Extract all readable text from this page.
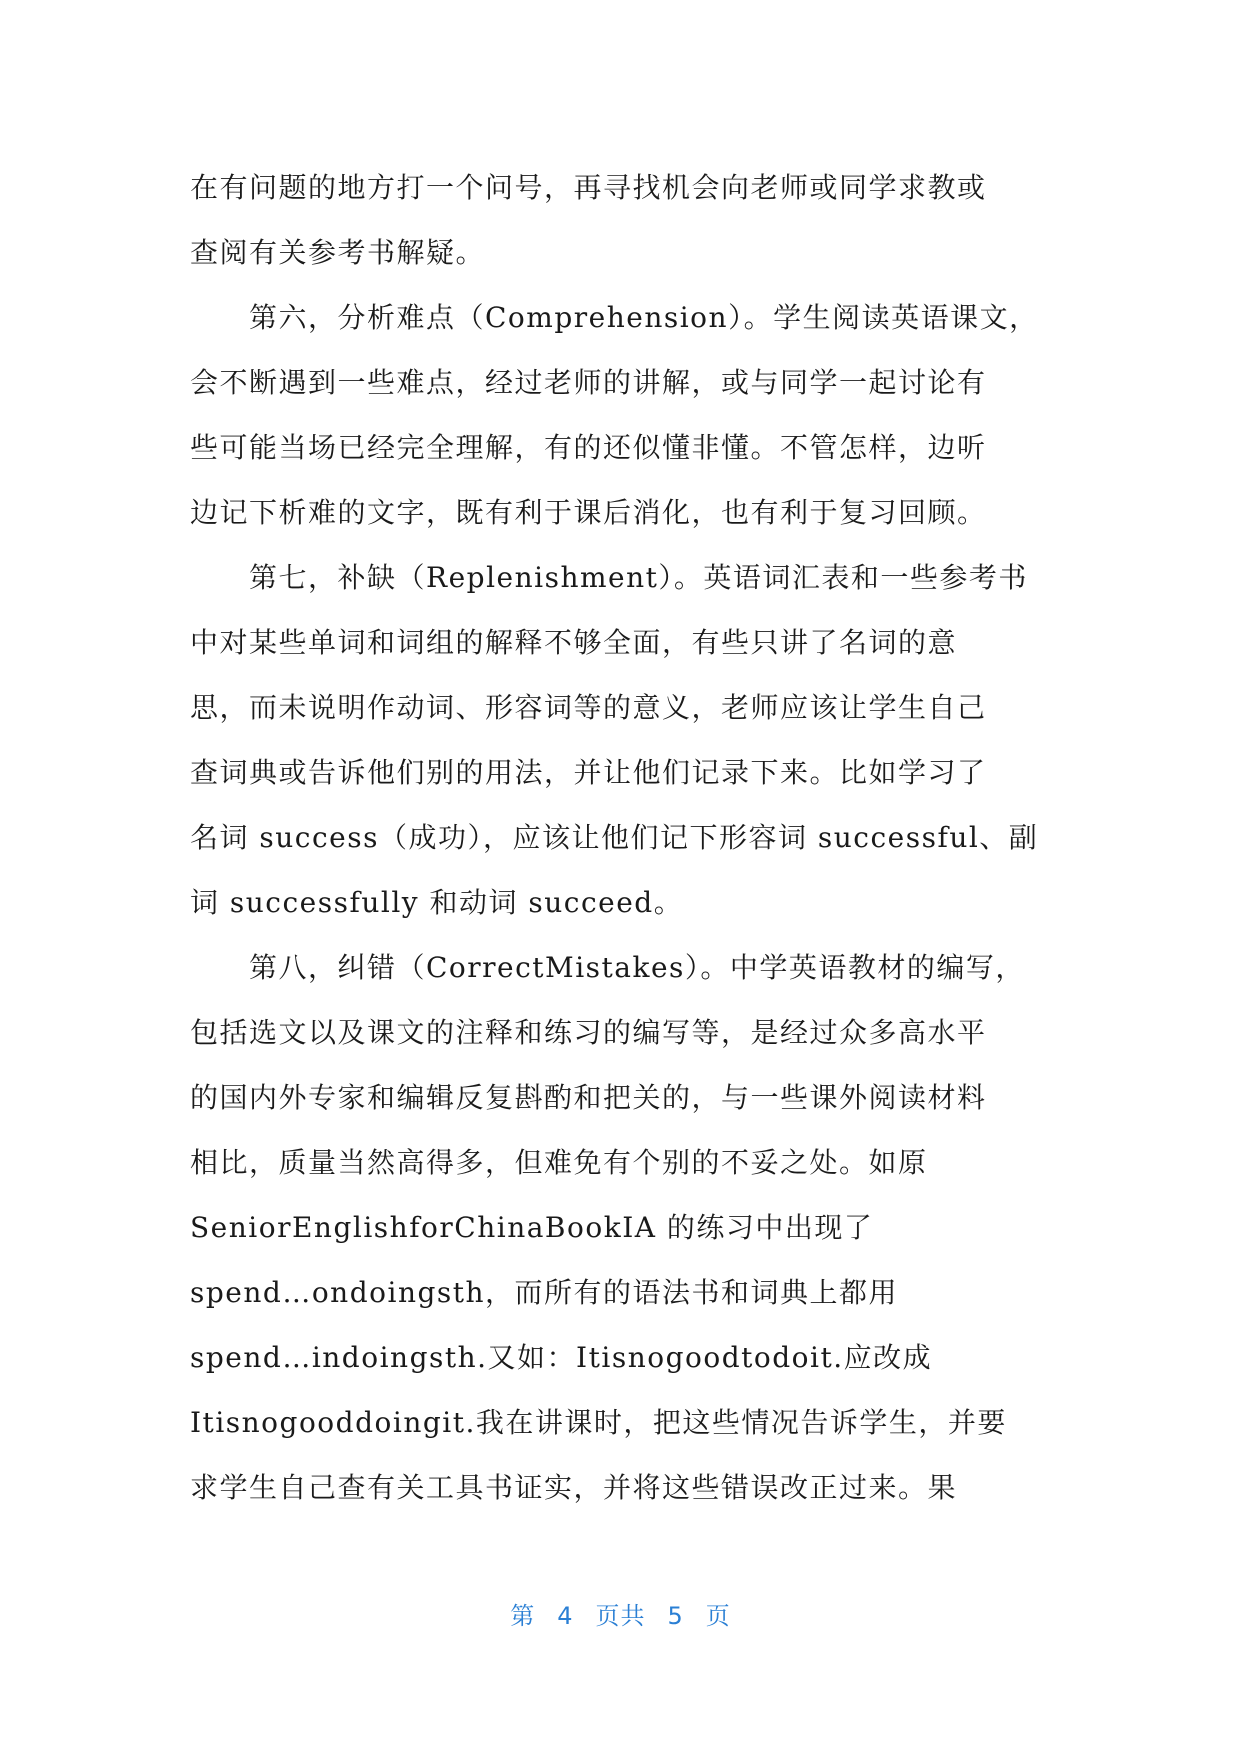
在有问题的地方打一个问号，再寻找机会向老师或同学求教或
查阅有关参考书解疑。
　　第六，分析难点（Comprehension）。学生阅读英语课文，
会不断遇到一些难点，经过老师的讲解，或与同学一起讨论有
些可能当场已经完全理解，有的还似懂非懂。不管怎样，边听
边记下析难的文字，既有利于课后消化，也有利于复习回顾。
　　第七，补缺（Replenishment）。英语词汇表和一些参考书
中对某些单词和词组的解释不够全面，有些只讲了名词的意
思，而未说明作动词、形容词等的意义，老师应该让学生自己
查词典或告诉他们别的用法，并让他们记录下来。比如学习了
名词 success（成功），应该让他们记下形容词 successful、副
词 successfully 和动词 succeed。
　　第八，纠错（CorrectMistakes）。中学英语教材的编写，
包括选文以及课文的注释和练习的编写等，是经过众多高水平
的国内外专家和编辑反复斟酌和把关的，与一些课外阅读材料
相比，质量当然高得多，但难免有个别的不妥之处。如原
SeniorEnglishforChinaBookIA 的练习中出现了
spend…ondoingsth，而所有的语法书和词典上都用
spend…indoingsth.又如：Itisnogoodtodoit.应改成
Itisnogooddoingit.我在讲课时，把这些情况告诉学生，并要
求学生自己查有关工具书证实，并将这些错误改正过来。果
第 4 页共 5 页
